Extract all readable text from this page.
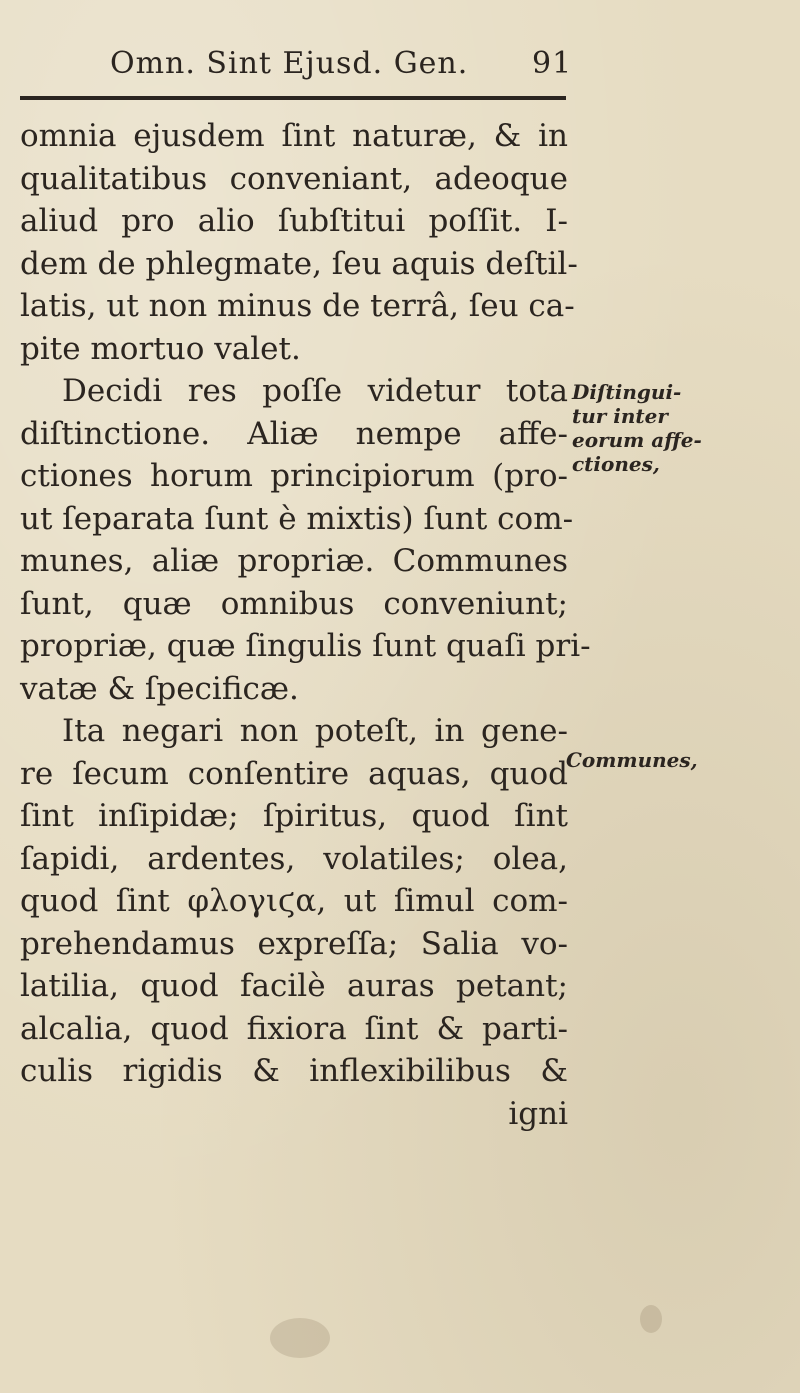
Omn. Sint Ejusd. Gen. 91
omnia ejusdem ſint naturæ, & in
qualitatibus conveniant, adeoque
aliud pro alio ſubſtitui poſſit. I-
dem de phlegmate, ſeu aquis deſtil-
latis, ut non minus de terrâ, ſeu ca-
pite mortuo valet.
Decidi res poſſe videtur tota
diſtinctione. Aliæ nempe affe-
ctiones horum principiorum (pro-
ut ſeparata ſunt è mixtis) ſunt com-
munes, aliæ propriæ. Communes
ſunt, quæ omnibus conveniunt;
propriæ, quæ ſingulis ſunt quaſi pri-
vatæ & ſpecificæ.
Ita negari non poteſt, in gene-
re ſecum conſentire aquas, quod
ſint inſipidæ; ſpiritus, quod ſint
ſapidi, ardentes, volatiles; olea,
quod ſint φλογιϛα, ut ſimul com-
prehendamus expreſſa; Salia vo-
latilia, quod facilè auras petant;
alcalia, quod fixiora ſint & parti-
culis rigidis & inflexibilibus &
igni
Diſtingui-
tur inter
eorum affe-
ctiones,
Communes,
